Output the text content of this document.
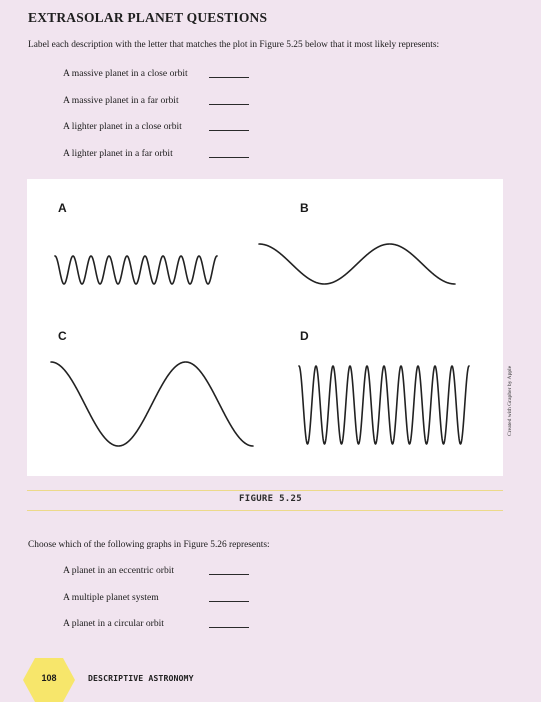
EXTRASOLAR PLANET QUESTIONS
Label each description with the letter that matches the plot in Figure 5.25 below that it most likely represents:
A massive planet in a close orbit
A massive planet in a far orbit
A lighter planet in a close orbit
A lighter planet in a far orbit
A	B
C	D
Created with Grapher by Apple
FIGURE 5.25
Choose which of the following graphs in Figure 5.26 represents:
A planet in an eccentric orbit
A multiple planet system
A planet in a circular orbit
108	DESCRIPTIVE ASTRONOMY
